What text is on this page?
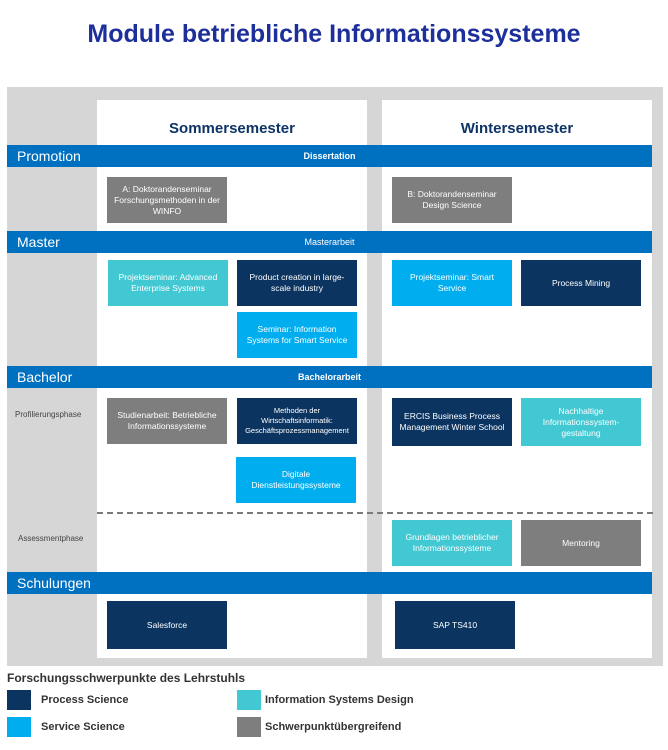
Module betriebliche Informationssysteme
Sommersemester	Wintersemester
Promotion	Dissertation
Master	Masterarbeit
Bachelor	Bachelorarbeit
Schulungen
Profilierungsphase
Assessmentphase
A: Doktorandenseminar Forschungsmethoden in der WINFO
B: Doktorandenseminar Design Science
Projektseminar: Advanced Enterprise Systems
Product creation in large-scale industry
Seminar: Information Systems for Smart Service
Projektseminar: Smart Service
Process Mining
Studienarbeit: Betriebliche Informationssysteme
Methoden der Wirtschaftsinformatik: Geschäftsprozessmanagement
Digitale Dienstleistungssysteme
ERCIS Business Process Management Winter School
Nachhaltige Informationssystem-gestaltung
Grundlagen betrieblicher Informationssysteme
Mentoring
Salesforce	SAP TS410
Forschungsschwerpunkte des Lehrstuhls
Process Science	Information Systems Design
Service Science	Schwerpunktübergreifend
